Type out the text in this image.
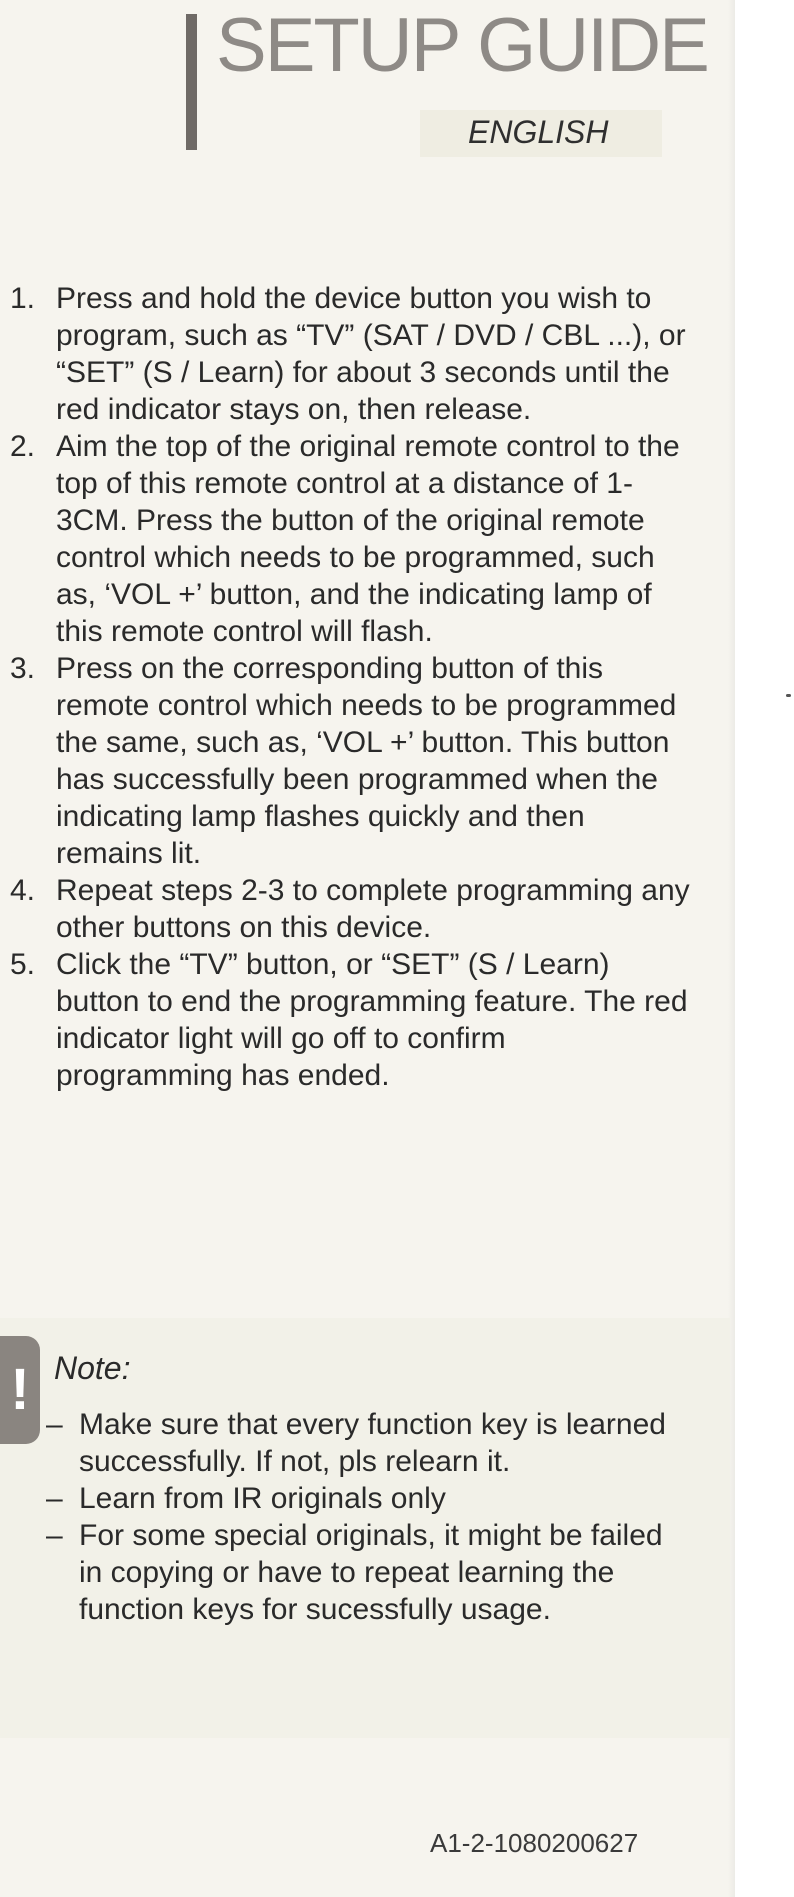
SETUP GUIDE
ENGLISH
1. Press and hold the device button you wish to program, such as “TV” (SAT / DVD / CBL ...), or “SET” (S / Learn) for about 3 seconds until the red indicator stays on, then release.
2. Aim the top of the original remote control to the top of this remote control at a distance of 1-3CM. Press the button of the original remote control which needs to be programmed, such as, ‘VOL +’ button, and the indicating lamp of this remote control will flash.
3. Press on the corresponding button of this remote control which needs to be programmed the same, such as, ‘VOL +’ button. This button has successfully been programmed when the indicating lamp flashes quickly and then remains lit.
4. Repeat steps 2-3 to complete programming any other buttons on this device.
5. Click the “TV” button, or “SET” (S / Learn) button to end the programming feature. The red indicator light will go off to confirm programming has ended.
! Note:
– Make sure that every function key is learned successfully. If not, pls relearn it.
– Learn from IR originals only
– For some special originals, it might be failed in copying or have to repeat learning the function keys for sucessfully usage.
A1-2-1080200627
